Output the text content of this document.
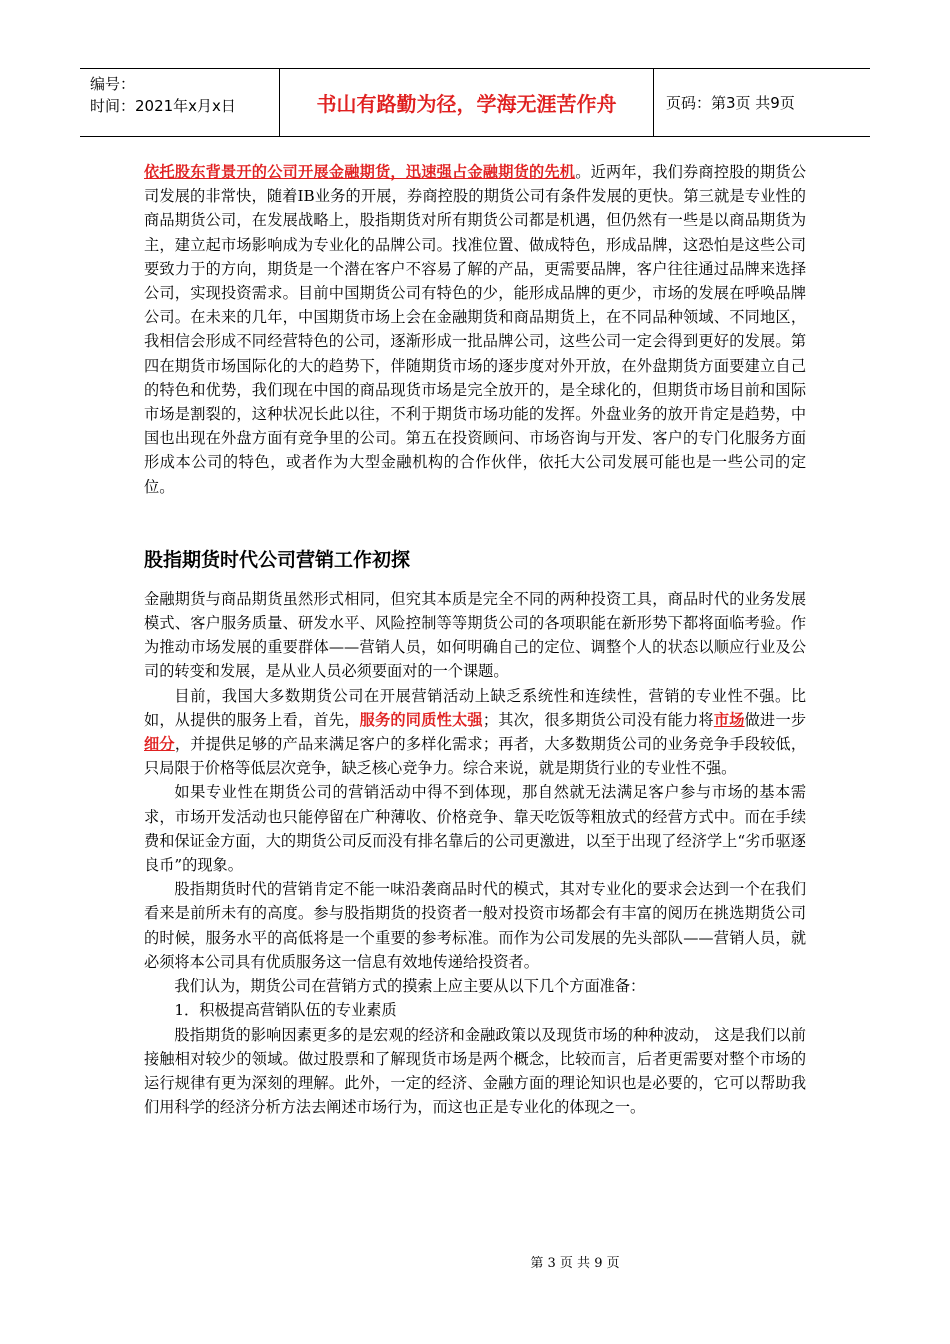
编号：
时间：2021年x月x日	书山有路勤为径，学海无涯苦作舟	页码：第3页 共9页

依托股东背景开的公司开展金融期货，迅速强占金融期货的先机。近两年，我们券商控股的期货公司发展的非常快，随着IB业务的开展，券商控股的期货公司有条件发展的更快。第三就是专业性的商品期货公司，在发展战略上，股指期货对所有期货公司都是机遇，但仍然有一些是以商品期货为主，建立起市场影响成为专业化的品牌公司。找准位置、做成特色，形成品牌，这恐怕是这些公司要致力于的方向，期货是一个潜在客户不容易了解的产品，更需要品牌，客户往往通过品牌来选择公司，实现投资需求。目前中国期货公司有特色的少，能形成品牌的更少，市场的发展在呼唤品牌公司。在未来的几年，中国期货市场上会在金融期货和商品期货上，在不同品种领域、不同地区，我相信会形成不同经营特色的公司，逐渐形成一批品牌公司，这些公司一定会得到更好的发展。第四在期货市场国际化的大的趋势下，伴随期货市场的逐步度对外开放，在外盘期货方面要建立自己的特色和优势，我们现在中国的商品现货市场是完全放开的，是全球化的，但期货市场目前和国际市场是割裂的，这种状况长此以往，不利于期货市场功能的发挥。外盘业务的放开肯定是趋势，中国也出现在外盘方面有竞争里的公司。第五在投资顾问、市场咨询与开发、客户的专门化服务方面形成本公司的特色，或者作为大型金融机构的合作伙伴，依托大公司发展可能也是一些公司的定位。

股指期货时代公司营销工作初探

金融期货与商品期货虽然形式相同，但究其本质是完全不同的两种投资工具，商品时代的业务发展模式、客户服务质量、研发水平、风险控制等等期货公司的各项职能在新形势下都将面临考验。作为推动市场发展的重要群体——营销人员，如何明确自己的定位、调整个人的状态以顺应行业及公司的转变和发展，是从业人员必须要面对的一个课题。

目前，我国大多数期货公司在开展营销活动上缺乏系统性和连续性，营销的专业性不强。比如，从提供的服务上看，首先，服务的同质性太强；其次，很多期货公司没有能力将市场做进一步细分，并提供足够的产品来满足客户的多样化需求；再者，大多数期货公司的业务竞争手段较低，只局限于价格等低层次竞争，缺乏核心竞争力。综合来说，就是期货行业的专业性不强。

如果专业性在期货公司的营销活动中得不到体现，那自然就无法满足客户参与市场的基本需求，市场开发活动也只能停留在广种薄收、价格竞争、靠天吃饭等粗放式的经营方式中。而在手续费和保证金方面，大的期货公司反而没有排名靠后的公司更激进，以至于出现了经济学上“劣币驱逐良币”的现象。

股指期货时代的营销肯定不能一味沿袭商品时代的模式，其对专业化的要求会达到一个在我们看来是前所未有的高度。参与股指期货的投资者一般对投资市场都会有丰富的阅历在挑选期货公司的时候，服务水平的高低将是一个重要的参考标准。而作为公司发展的先头部队——营销人员，就必须将本公司具有优质服务这一信息有效地传递给投资者。

我们认为，期货公司在营销方式的摸索上应主要从以下几个方面准备：

1．积极提高营销队伍的专业素质

股指期货的影响因素更多的是宏观的经济和金融政策以及现货市场的种种波动， 这是我们以前接触相对较少的领域。做过股票和了解现货市场是两个概念，比较而言，后者更需要对整个市场的运行规律有更为深刻的理解。此外，一定的经济、金融方面的理论知识也是必要的，它可以帮助我们用科学的经济分析方法去阐述市场行为，而这也正是专业化的体现之一。

第 3 页 共 9 页
